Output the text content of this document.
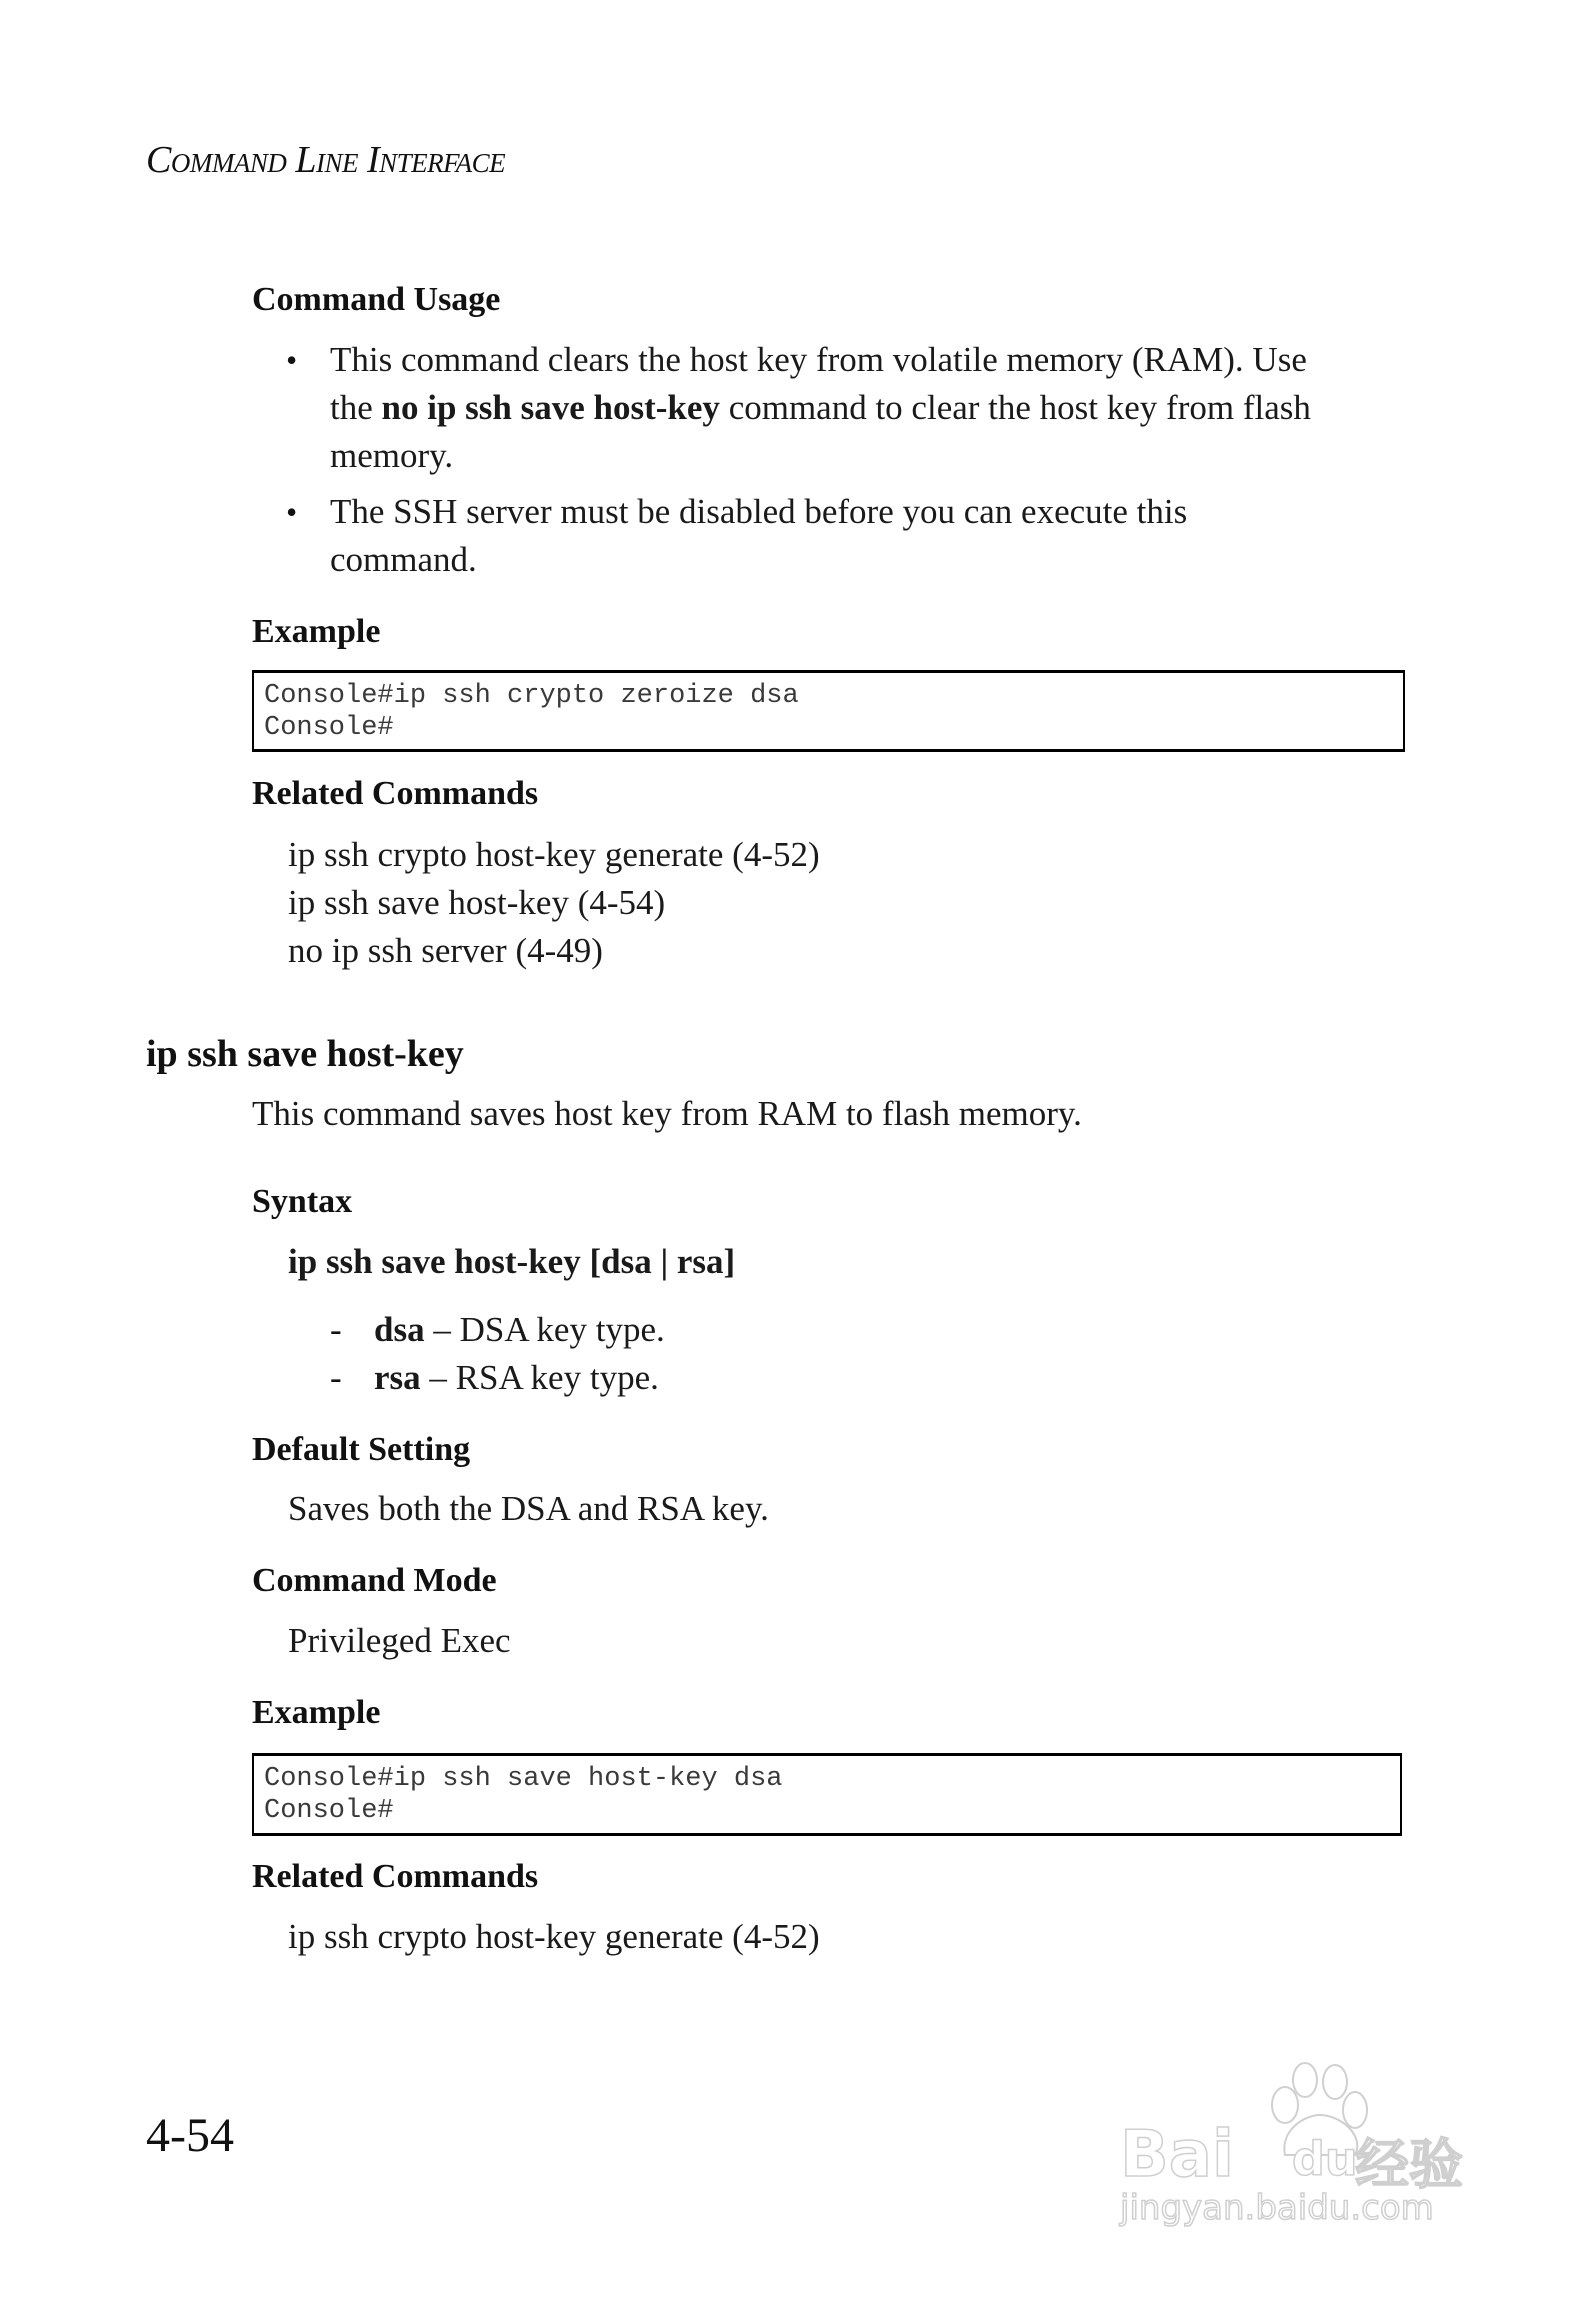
Command Line Interface
Command Usage
• This command clears the host key from volatile memory (RAM). Use
the no ip ssh save host-key command to clear the host key from flash
memory.
• The SSH server must be disabled before you can execute this
command.
Example
Console#ip ssh crypto zeroize dsa
Console#
Related Commands
ip ssh crypto host-key generate (4-52)
ip ssh save host-key (4-54)
no ip ssh server (4-49)
ip ssh save host-key
This command saves host key from RAM to flash memory.
Syntax
ip ssh save host-key [dsa | rsa]
- dsa – DSA key type.
- rsa – RSA key type.
Default Setting
Saves both the DSA and RSA key.
Command Mode
Privileged Exec
Example
Console#ip ssh save host-key dsa
Console#
Related Commands
ip ssh crypto host-key generate (4-52)
4-54	Bai du
经验
jingyan.baidu.com
